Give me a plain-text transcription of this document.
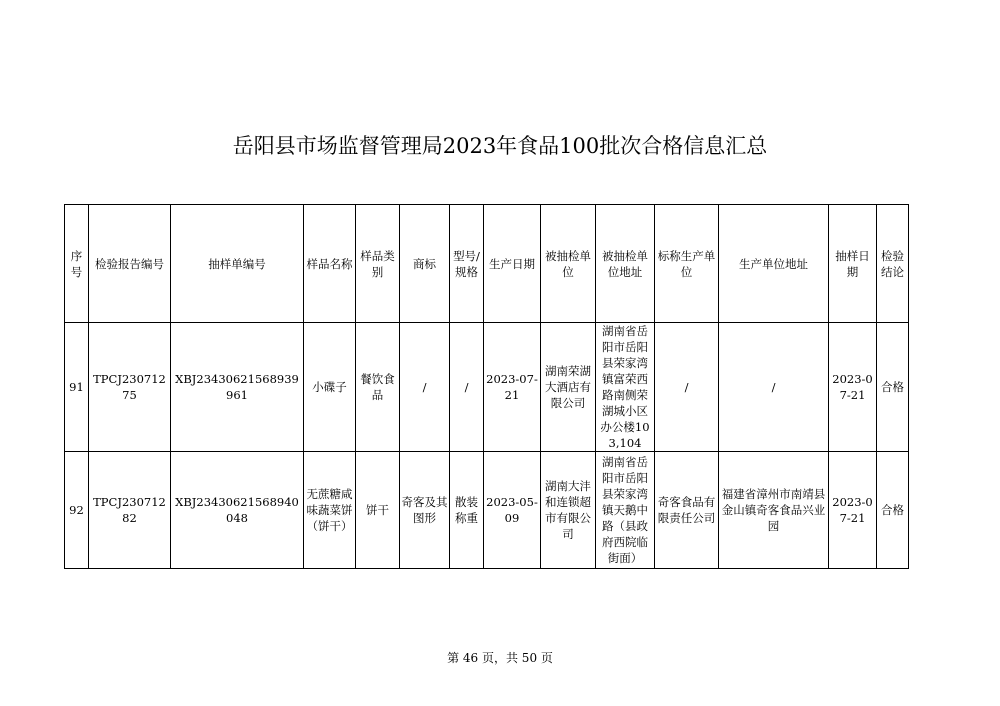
岳阳县市场监督管理局2023年食品100批次合格信息汇总
序号	检验报告编号	抽样单编号	样品名称	样品类别	商标	型号/规格	生产日期	被抽检单位	被抽检单位地址	标称生产单位	生产单位地址	抽样日期	检验结论
91	TPCJ23071275	XBJ23430621568939961	小碟子	餐饮食品	/	/	2023-07-21	湖南荣湖大酒店有限公司	湖南省岳阳市岳阳县荣家湾镇富荣西路南侧荣湖城小区办公楼103,104	/	/	2023-07-21	合格
92	TPCJ23071282	XBJ23430621568940048	无蔗糖咸味蔬菜饼（饼干）	饼干	奇客及其图形	散装称重	2023-05-09	湖南大沣和连锁超市有限公司	湖南省岳阳市岳阳县荣家湾镇天鹅中路（县政府西院临街面）	奇客食品有限责任公司	福建省漳州市南靖县金山镇奇客食品兴业园	2023-07-21	合格
第 46 页，共 50 页
